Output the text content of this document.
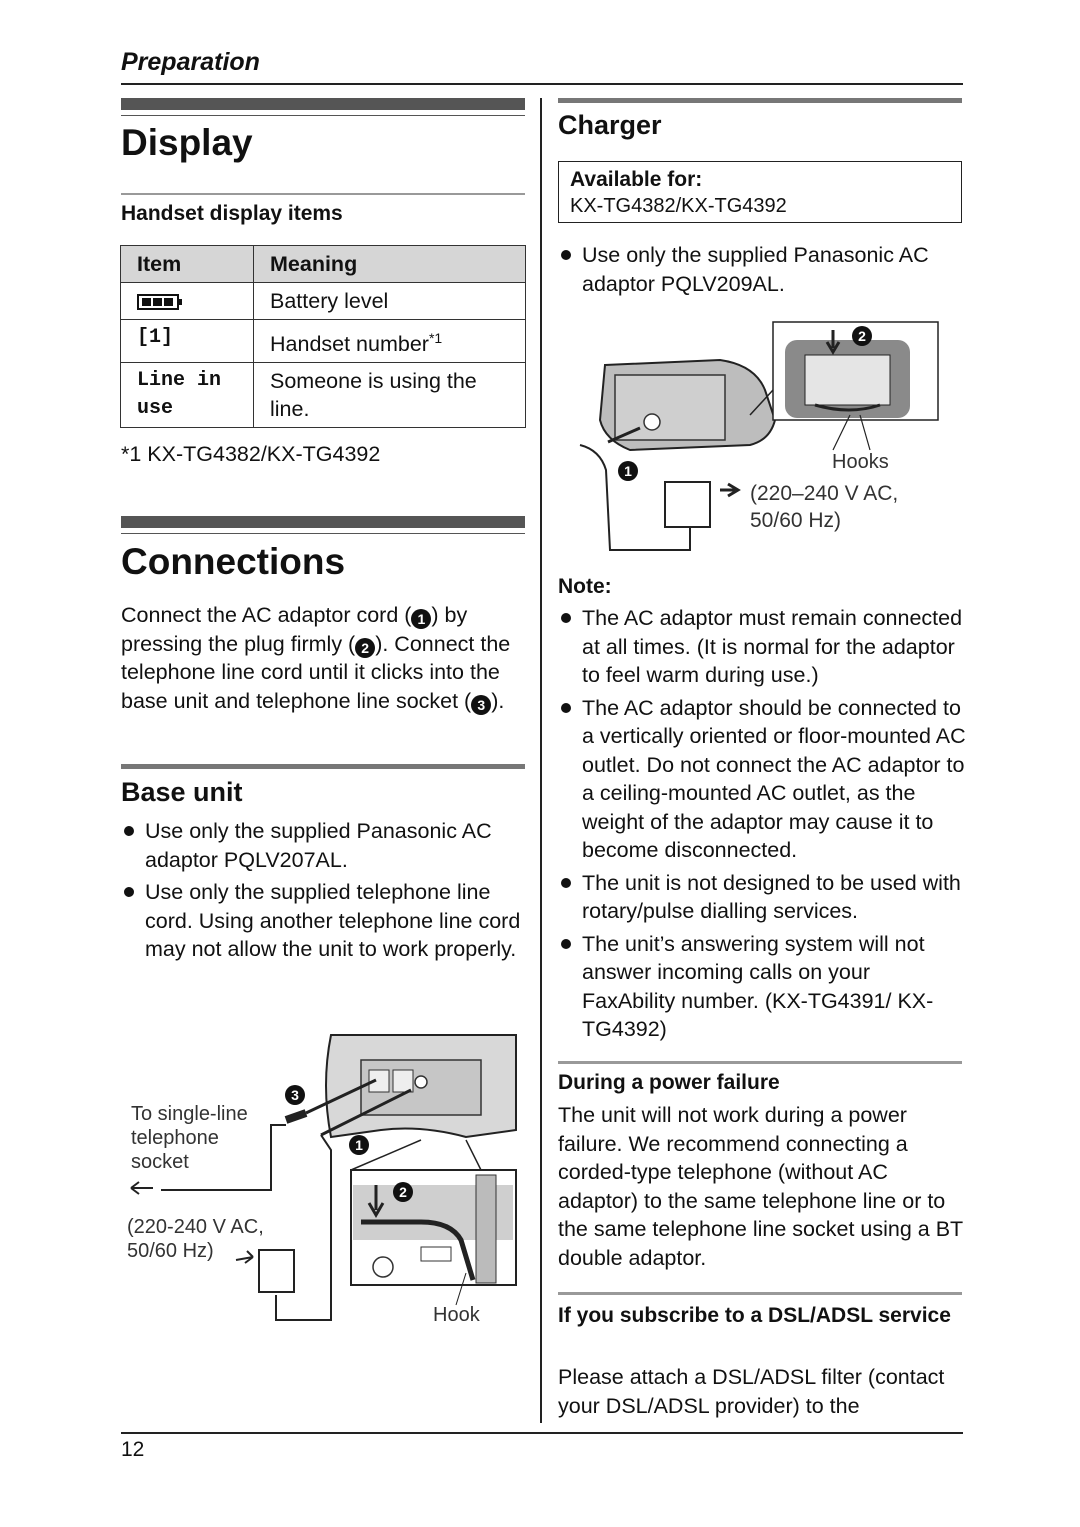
Preparation
Display
Handset display items
Item	Meaning
	Battery level
[1]	Handset number$^{*1}$
Line in use	Someone is using the line.
*1 KX-TG4382/KX-TG4392
Connections
Connect the AC adaptor cord ( 1 ) by pressing the plug firmly ( 2 ). Connect the telephone line cord until it clicks into the base unit and telephone line socket ( 3 ).
Base unit
Use only the supplied Panasonic AC adaptor PQLV207AL.
Use only the supplied telephone line cord. Using another telephone line cord may not allow the unit to work properly.
To single-line telephone socket
(220-240 V AC, 50/60 Hz)
Hook
3
1
2
Charger
Available for:
KX-TG4382/KX-TG4392
Use only the supplied Panasonic AC adaptor PQLV209AL.
Hooks
(220–240 V AC, 50/60 Hz)
1
2
Note:
The AC adaptor must remain connected at all times. (It is normal for the adaptor to feel warm during use.)
The AC adaptor should be connected to a vertically oriented or floor-mounted AC outlet. Do not connect the AC adaptor to a ceiling-mounted AC outlet, as the weight of the adaptor may cause it to become disconnected.
The unit is not designed to be used with rotary/pulse dialling services.
The unit’s answering system will not answer incoming calls on your FaxAbility number. (KX-TG4391/ KX-TG4392)
During a power failure
The unit will not work during a power failure. We recommend connecting a corded-type telephone (without AC adaptor) to the same telephone line or to the same telephone line socket using a BT double adaptor.
If you subscribe to a DSL/ADSL service
Please attach a DSL/ADSL filter (contact your DSL/ADSL provider) to the
12
